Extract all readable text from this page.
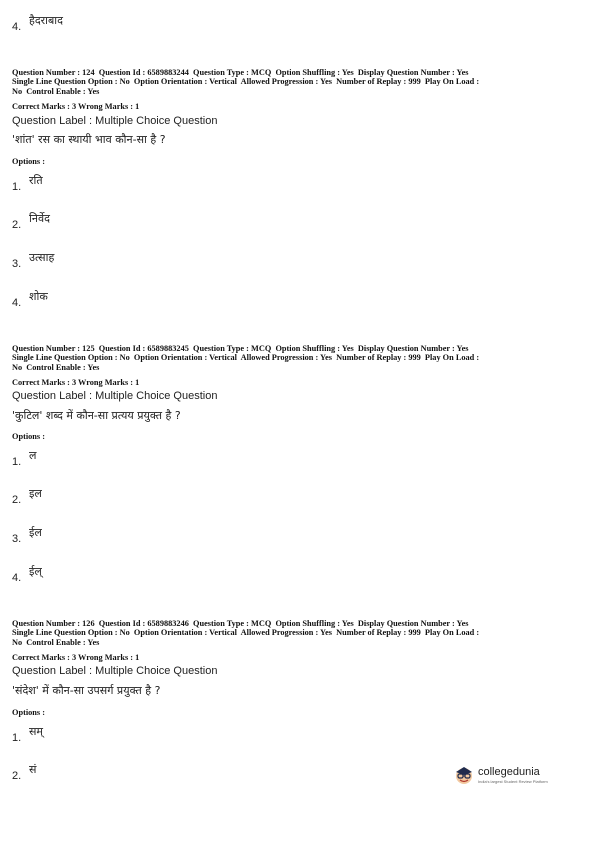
4. हैदराबाद
Question Number : 124  Question Id : 6589883244  Question Type : MCQ  Option Shuffling : Yes  Display Question Number : Yes
Single Line Question Option : No  Option Orientation : Vertical  Allowed Progression : Yes  Number of Replay : 999  Play On Load :
No  Control Enable : Yes
Correct Marks : 3 Wrong Marks : 1
Question Label : Multiple Choice Question
'शांत' रस का स्थायी भाव कौन-सा है ?
Options :
1. रति
2. निर्वेद
3. उत्साह
4. शोक
Question Number : 125  Question Id : 6589883245  Question Type : MCQ  Option Shuffling : Yes  Display Question Number : Yes
Single Line Question Option : No  Option Orientation : Vertical  Allowed Progression : Yes  Number of Replay : 999  Play On Load :
No  Control Enable : Yes
Correct Marks : 3 Wrong Marks : 1
Question Label : Multiple Choice Question
'कुटिल' शब्द में कौन-सा प्रत्यय प्रयुक्त है ?
Options :
1. ल
2. इल
3. ईल
4. ईल्
Question Number : 126  Question Id : 6589883246  Question Type : MCQ  Option Shuffling : Yes  Display Question Number : Yes
Single Line Question Option : No  Option Orientation : Vertical  Allowed Progression : Yes  Number of Replay : 999  Play On Load :
No  Control Enable : Yes
Correct Marks : 3 Wrong Marks : 1
Question Label : Multiple Choice Question
'संदेश' में कौन-सा उपसर्ग प्रयुक्त है ?
Options :
1. सम्
2. सं	collegedunia
India's largest Student Review Platform
